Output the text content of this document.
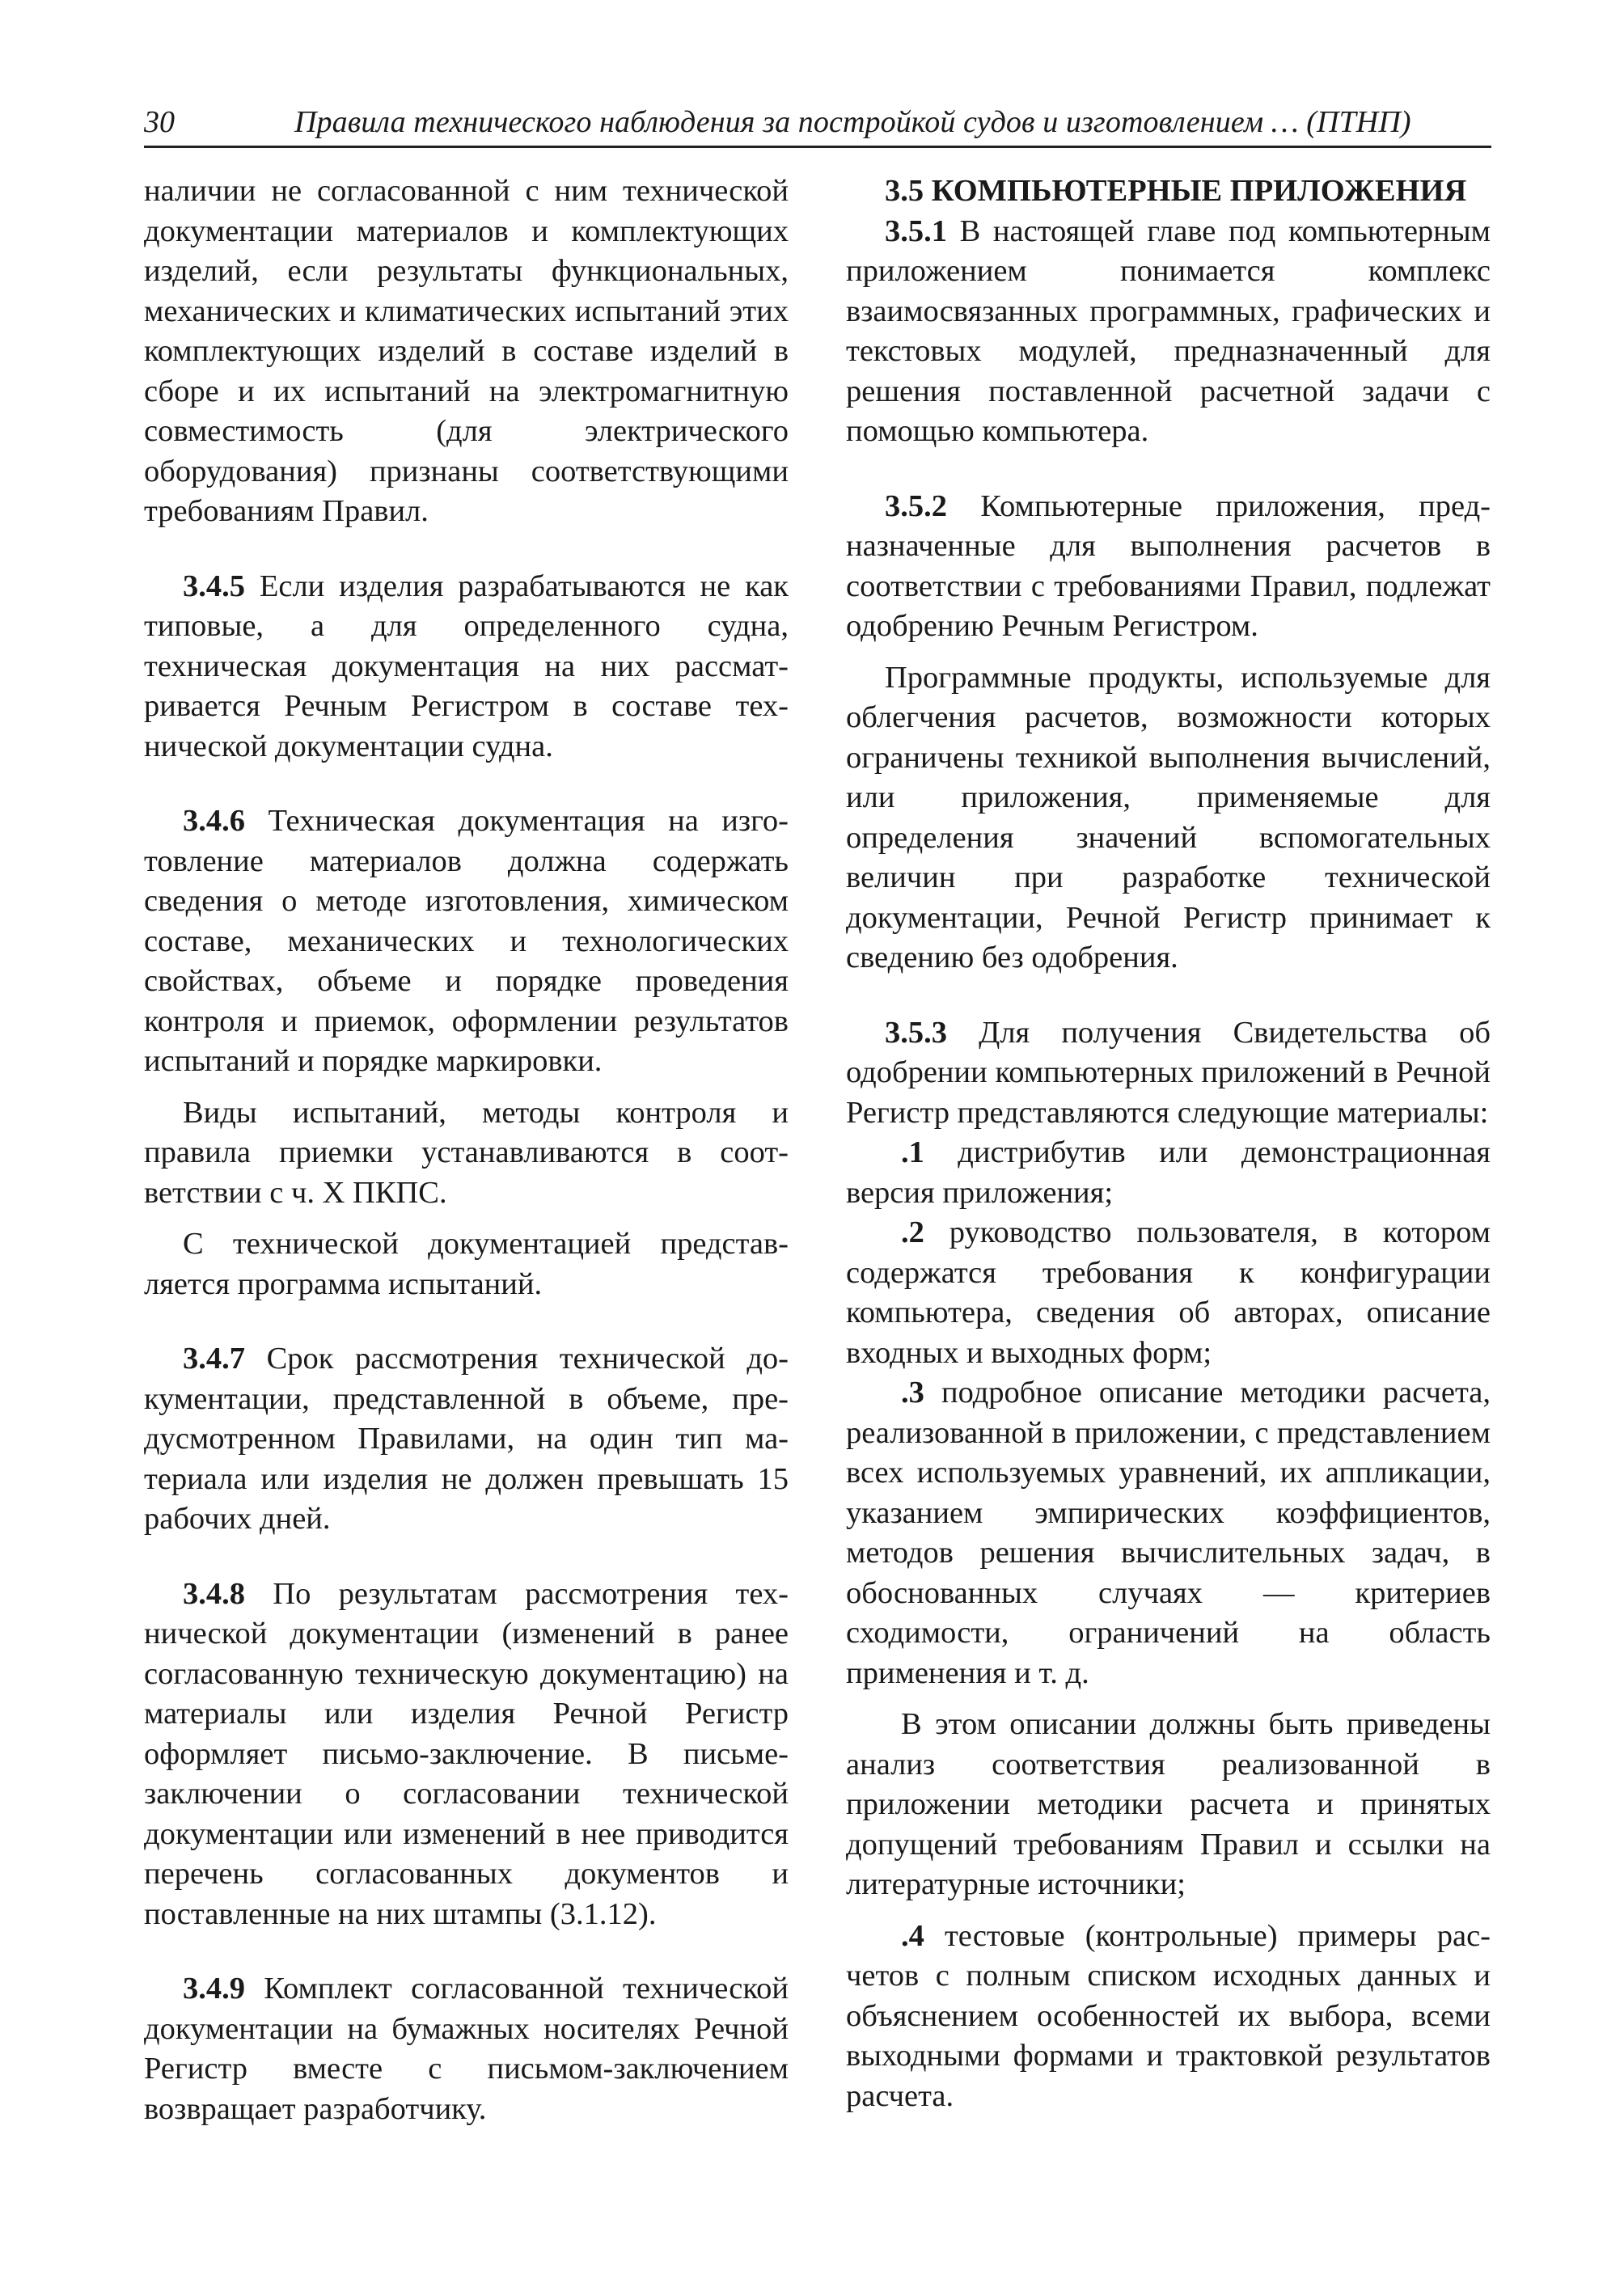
30	Правила технического наблюдения за постройкой судов и изготовлением … (ПТНП)

наличии не согласованной с ним технической документации материалов и комплектующих изделий, если результаты функциональных, механических и климатических испытаний этих комплектующих изделий в составе изделий в сборе и их испытаний на электромагнитную совместимость (для электрического оборудования) признаны соответствующими требованиям Правил.

3.4.5 Если изделия разрабатываются не как типовые, а для определенного судна, техническая документация на них рассматривается Речным Регистром в составе технической документации судна.

3.4.6 Техническая документация на изготовление материалов должна содержать сведения о методе изготовления, химическом составе, механических и технологических свойствах, объеме и порядке проведения контроля и приемок, оформлении результатов испытаний и порядке маркировки.

Виды испытаний, методы контроля и правила приемки устанавливаются в соответствии с ч. X ПКПС.

С технической документацией представляется программа испытаний.

3.4.7 Срок рассмотрения технической документации, представленной в объеме, предусмотренном Правилами, на один тип материала или изделия не должен превышать 15 рабочих дней.

3.4.8 По результатам рассмотрения технической документации (изменений в ранее согласованную техническую документацию) на материалы или изделия Речной Регистр оформляет письмо-заключение. В письме-заключении о согласовании технической документации или изменений в нее приводится перечень согласованных документов и поставленные на них штампы (3.1.12).

3.4.9 Комплект согласованной технической документации на бумажных носителях Речной Регистр вместе с письмом-заключением возвращает разработчику.

3.5 КОМПЬЮТЕРНЫЕ ПРИЛОЖЕНИЯ

3.5.1 В настоящей главе под компьютерным приложением понимается комплекс взаимосвязанных программных, графических и текстовых модулей, предназначенный для решения поставленной расчетной задачи с помощью компьютера.

3.5.2 Компьютерные приложения, предназначенные для выполнения расчетов в соответствии с требованиями Правил, подлежат одобрению Речным Регистром.

Программные продукты, используемые для облегчения расчетов, возможности которых ограничены техникой выполнения вычислений, или приложения, применяемые для определения значений вспомогательных величин при разработке технической документации, Речной Регистр принимает к сведению без одобрения.

3.5.3 Для получения Свидетельства об одобрении компьютерных приложений в Речной Регистр представляются следующие материалы:

.1 дистрибутив или демонстрационная версия приложения;

.2 руководство пользователя, в котором содержатся требования к конфигурации компьютера, сведения об авторах, описание входных и выходных форм;

.3 подробное описание методики расчета, реализованной в приложении, с представлением всех используемых уравнений, их аппликации, указанием эмпирических коэффициентов, методов решения вычислительных задач, в обоснованных случаях — критериев сходимости, ограничений на область применения и т. д.

В этом описании должны быть приведены анализ соответствия реализованной в приложении методики расчета и принятых допущений требованиям Правил и ссылки на литературные источники;

.4 тестовые (контрольные) примеры расчетов с полным списком исходных данных и объяснением особенностей их выбора, всеми выходными формами и трактовкой результатов расчета.
